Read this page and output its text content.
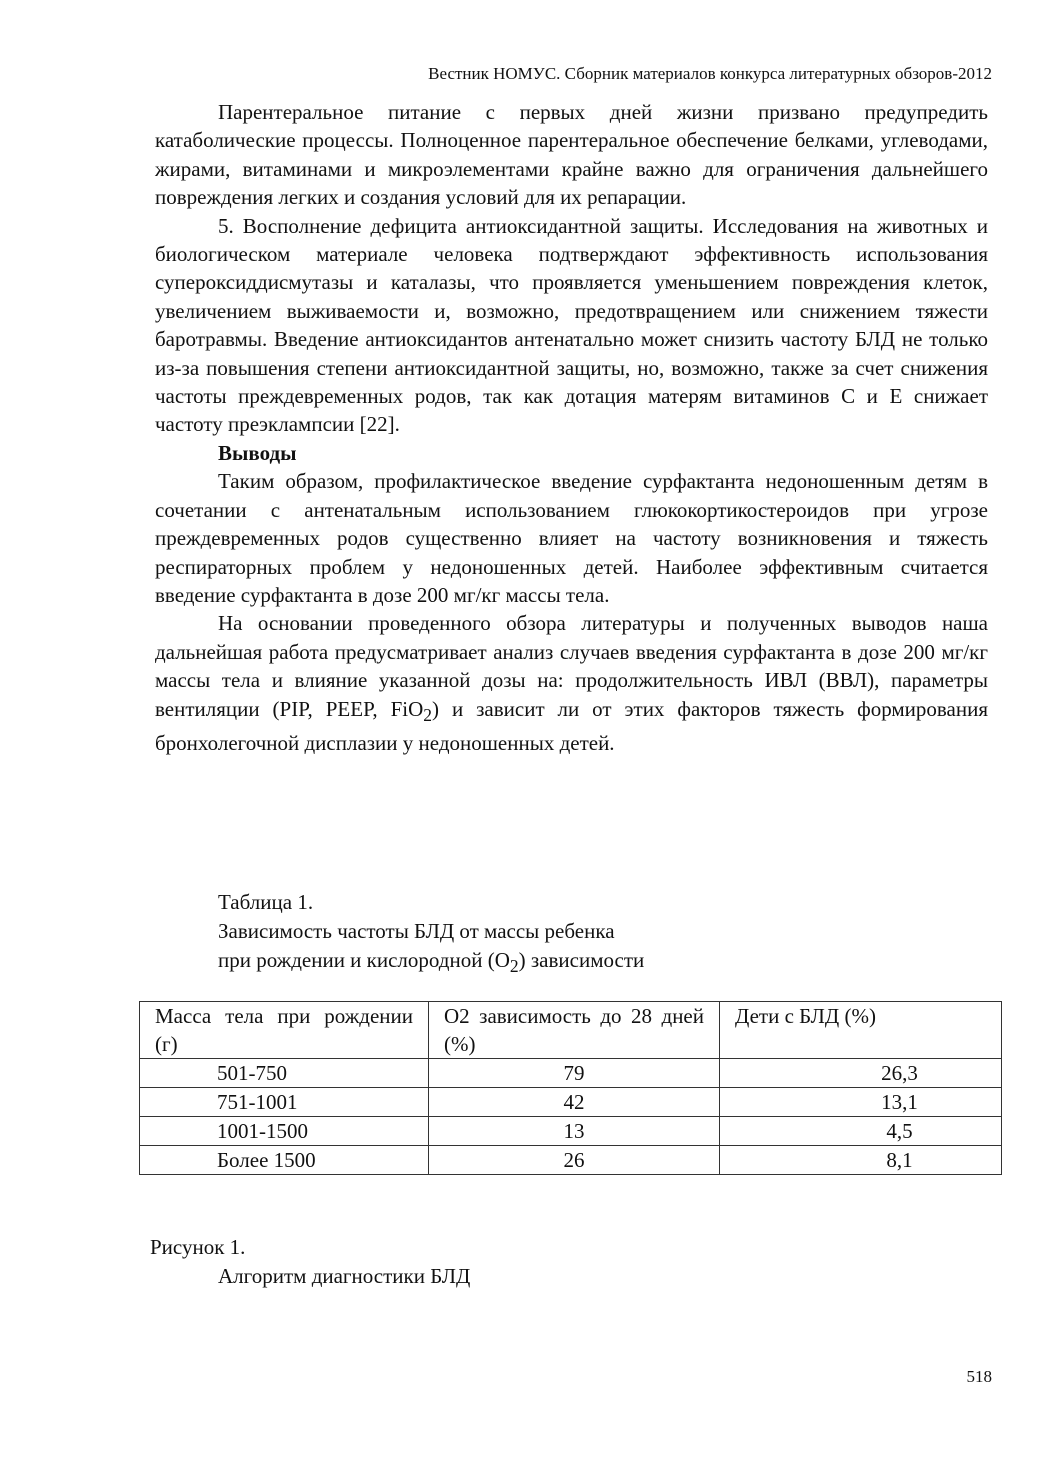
Вестник НОМУС. Сборник материалов конкурса литературных обзоров-2012

Парентеральное питание с первых дней жизни призвано предупредить катаболические процессы. Полноценное парентеральное обеспечение белками, углеводами, жирами, витаминами и микроэлементами крайне важно для ограничения дальнейшего повреждения легких и создания условий для их репарации.

5. Восполнение дефицита антиоксидантной защиты. Исследования на животных и биологическом материале человека подтверждают эффективность использования супероксиддисмутазы и каталазы, что проявляется уменьшением повреждения клеток, увеличением выживаемости и, возможно, предотвращением или снижением тяжести баротравмы. Введение антиоксидантов антенатально может снизить частоту БЛД не только из-за повышения степени антиоксидантной защиты, но, возможно, также за счет снижения частоты преждевременных родов, так как дотация матерям витаминов С и Е снижает частоту преэклампсии [22].

Выводы

Таким образом, профилактическое введение сурфактанта недоношенным детям в сочетании с антенатальным использованием глюкокортикостероидов при угрозе преждевременных родов существенно влияет на частоту возникновения и тяжесть респираторных проблем у недоношенных детей. Наиболее эффективным считается введение сурфактанта в дозе 200 мг/кг массы тела.

На основании проведенного обзора литературы и полученных выводов наша дальнейшая работа предусматривает анализ случаев введения сурфактанта в дозе 200 мг/кг массы тела и влияние указанной дозы на: продолжительность ИВЛ (ВВЛ), параметры вентиляции (PIP, PEEP, FiO$_2$) и зависит ли от этих факторов тяжесть формирования бронхолегочной дисплазии у недоношенных детей.

Таблица 1.
Зависимость частоты БЛД от массы ребенка
при рождении и кислородной $(О_2)$ зависимости
Масса тела при рождении (г)	О2 зависимость до 28 дней (%)	Дети с БЛД (%)
501-750	79	26,3
751-1001	42	13,1
1001-1500	13	4,5
Более 1500	26	8,1
Рисунок 1.
Алгоритм диагностики БЛД
518
